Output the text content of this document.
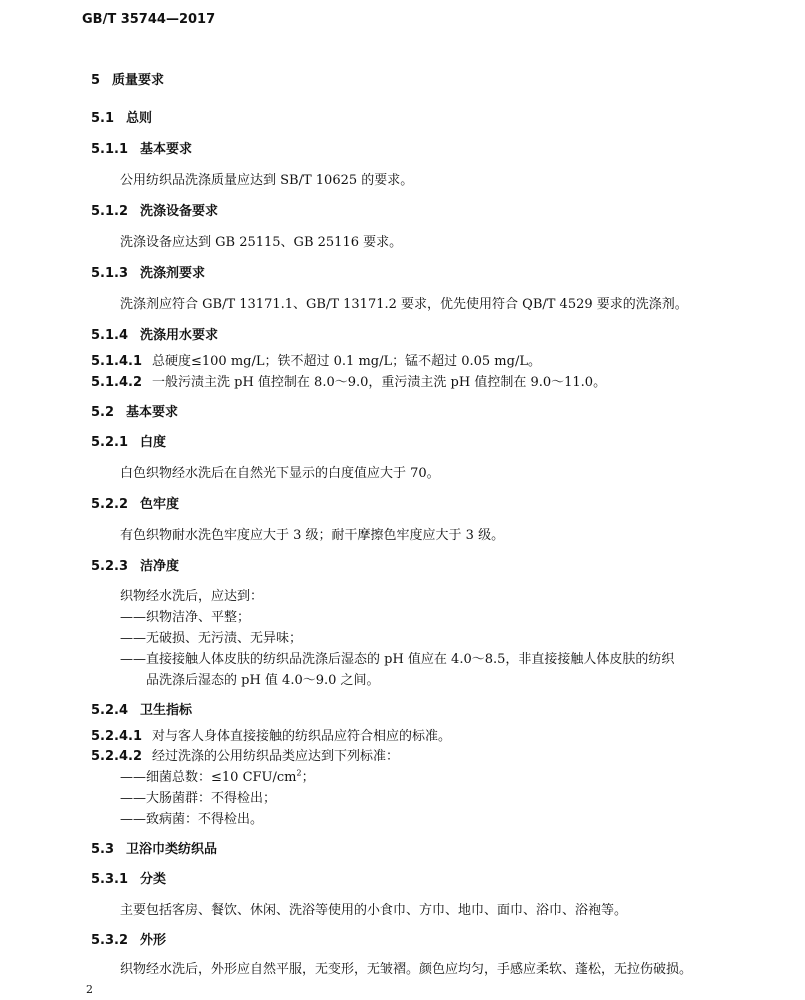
GB/T 35744—2017
5 质量要求
5.1 总则
5.1.1 基本要求
公用纺织品洗涤质量应达到 SB/T 10625 的要求。
5.1.2 洗涤设备要求
洗涤设备应达到 GB 25115、GB 25116 要求。
5.1.3 洗涤剂要求
洗涤剂应符合 GB/T 13171.1、GB/T 13171.2 要求，优先使用符合 QB/T 4529 要求的洗涤剂。
5.1.4 洗涤用水要求
5.1.4.1 总硬度≤100 mg/L；铁不超过 0.1 mg/L；锰不超过 0.05 mg/L。
5.1.4.2 一般污渍主洗 pH 值控制在 8.0～9.0，重污渍主洗 pH 值控制在 9.0～11.0。
5.2 基本要求
5.2.1 白度
白色织物经水洗后在自然光下显示的白度值应大于 70。
5.2.2 色牢度
有色织物耐水洗色牢度应大于 3 级；耐干摩擦色牢度应大于 3 级。
5.2.3 洁净度
织物经水洗后，应达到：
——织物洁净、平整；
——无破损、无污渍、无异味；
——直接接触人体皮肤的纺织品洗涤后湿态的 pH 值应在 4.0～8.5，非直接接触人体皮肤的纺织
品洗涤后湿态的 pH 值 4.0～9.0 之间。
5.2.4 卫生指标
5.2.4.1 对与客人身体直接接触的纺织品应符合相应的标准。
5.2.4.2 经过洗涤的公用纺织品类应达到下列标准：
——细菌总数：≤10 CFU/$cm^2$；
——大肠菌群：不得检出；
——致病菌：不得检出。
5.3 卫浴巾类纺织品
5.3.1 分类
主要包括客房、餐饮、休闲、洗浴等使用的小食巾、方巾、地巾、面巾、浴巾、浴袍等。
5.3.2 外形
织物经水洗后，外形应自然平服，无变形，无皱褶。颜色应均匀，手感应柔软、蓬松，无拉伤破损。
2
